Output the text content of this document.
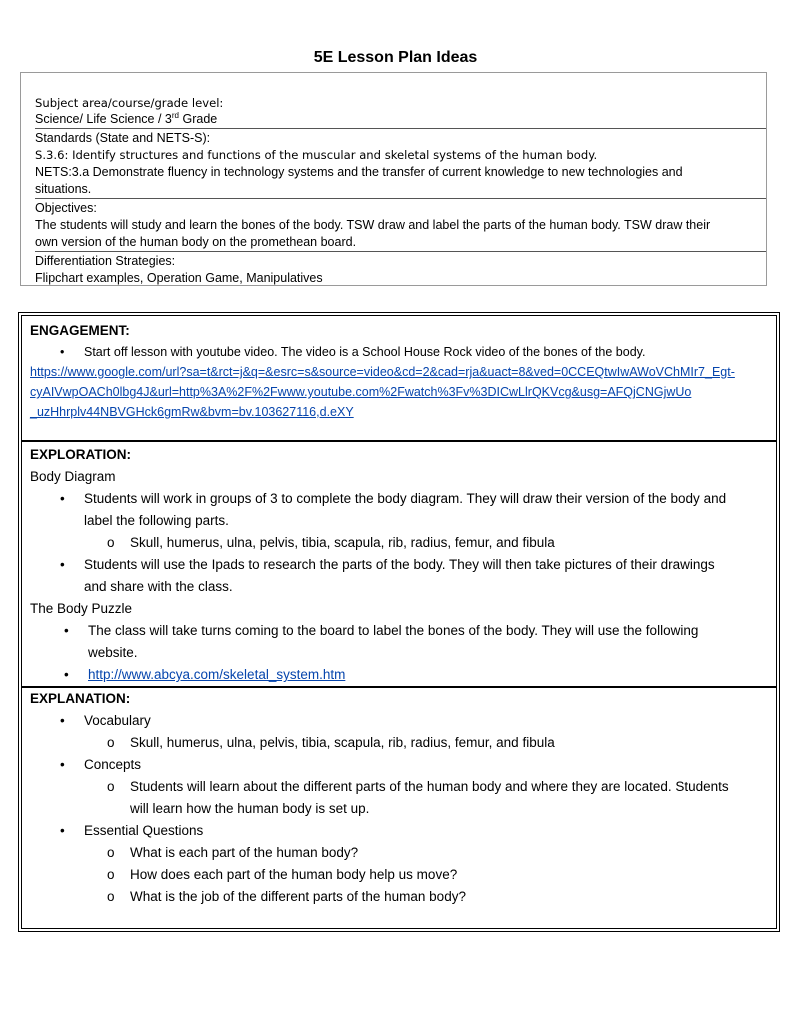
5E Lesson Plan Ideas
Subject area/course/grade level:
Science/ Life Science / 3rd Grade
Standards (State and NETS-S):
S.3.6: Identify structures and functions of the muscular and skeletal systems of the human body.
NETS:3.a Demonstrate fluency in technology systems and the transfer of current knowledge to new technologies and
situations.
Objectives:
The students will study and learn the bones of the body. TSW draw and label the parts of the human body. TSW draw their
own version of the human body on the promethean board.
Differentiation Strategies:
Flipchart examples, Operation Game, Manipulatives
ENGAGEMENT:
• Start off lesson with youtube video. The video is a School House Rock video of the bones of the body.
https://www.google.com/url?sa=t&rct=j&q=&esrc=s&source=video&cd=2&cad=rja&uact=8&ved=0CCEQtwIwAWoVChMIr7_Egt-
cyAIVwpOACh0lbg4J&url=http%3A%2F%2Fwww.youtube.com%2Fwatch%3Fv%3DICwLlrQKVcg&usg=AFQjCNGjwUo
_uzHhrplv44NBVGHck6gmRw&bvm=bv.103627116,d.eXY
EXPLORATION:
Body Diagram
• Students will work in groups of 3 to complete the body diagram. They will draw their version of the body and
label the following parts.
o Skull, humerus, ulna, pelvis, tibia, scapula, rib, radius, femur, and fibula
• Students will use the Ipads to research the parts of the body. They will then take pictures of their drawings
and share with the class.
The Body Puzzle
• The class will take turns coming to the board to label the bones of the body. They will use the following
website.
• http://www.abcya.com/skeletal_system.htm
EXPLANATION:
• Vocabulary
o Skull, humerus, ulna, pelvis, tibia, scapula, rib, radius, femur, and fibula
• Concepts
o Students will learn about the different parts of the human body and where they are located. Students
will learn how the human body is set up.
• Essential Questions
o What is each part of the human body?
o How does each part of the human body help us move?
o What is the job of the different parts of the human body?
